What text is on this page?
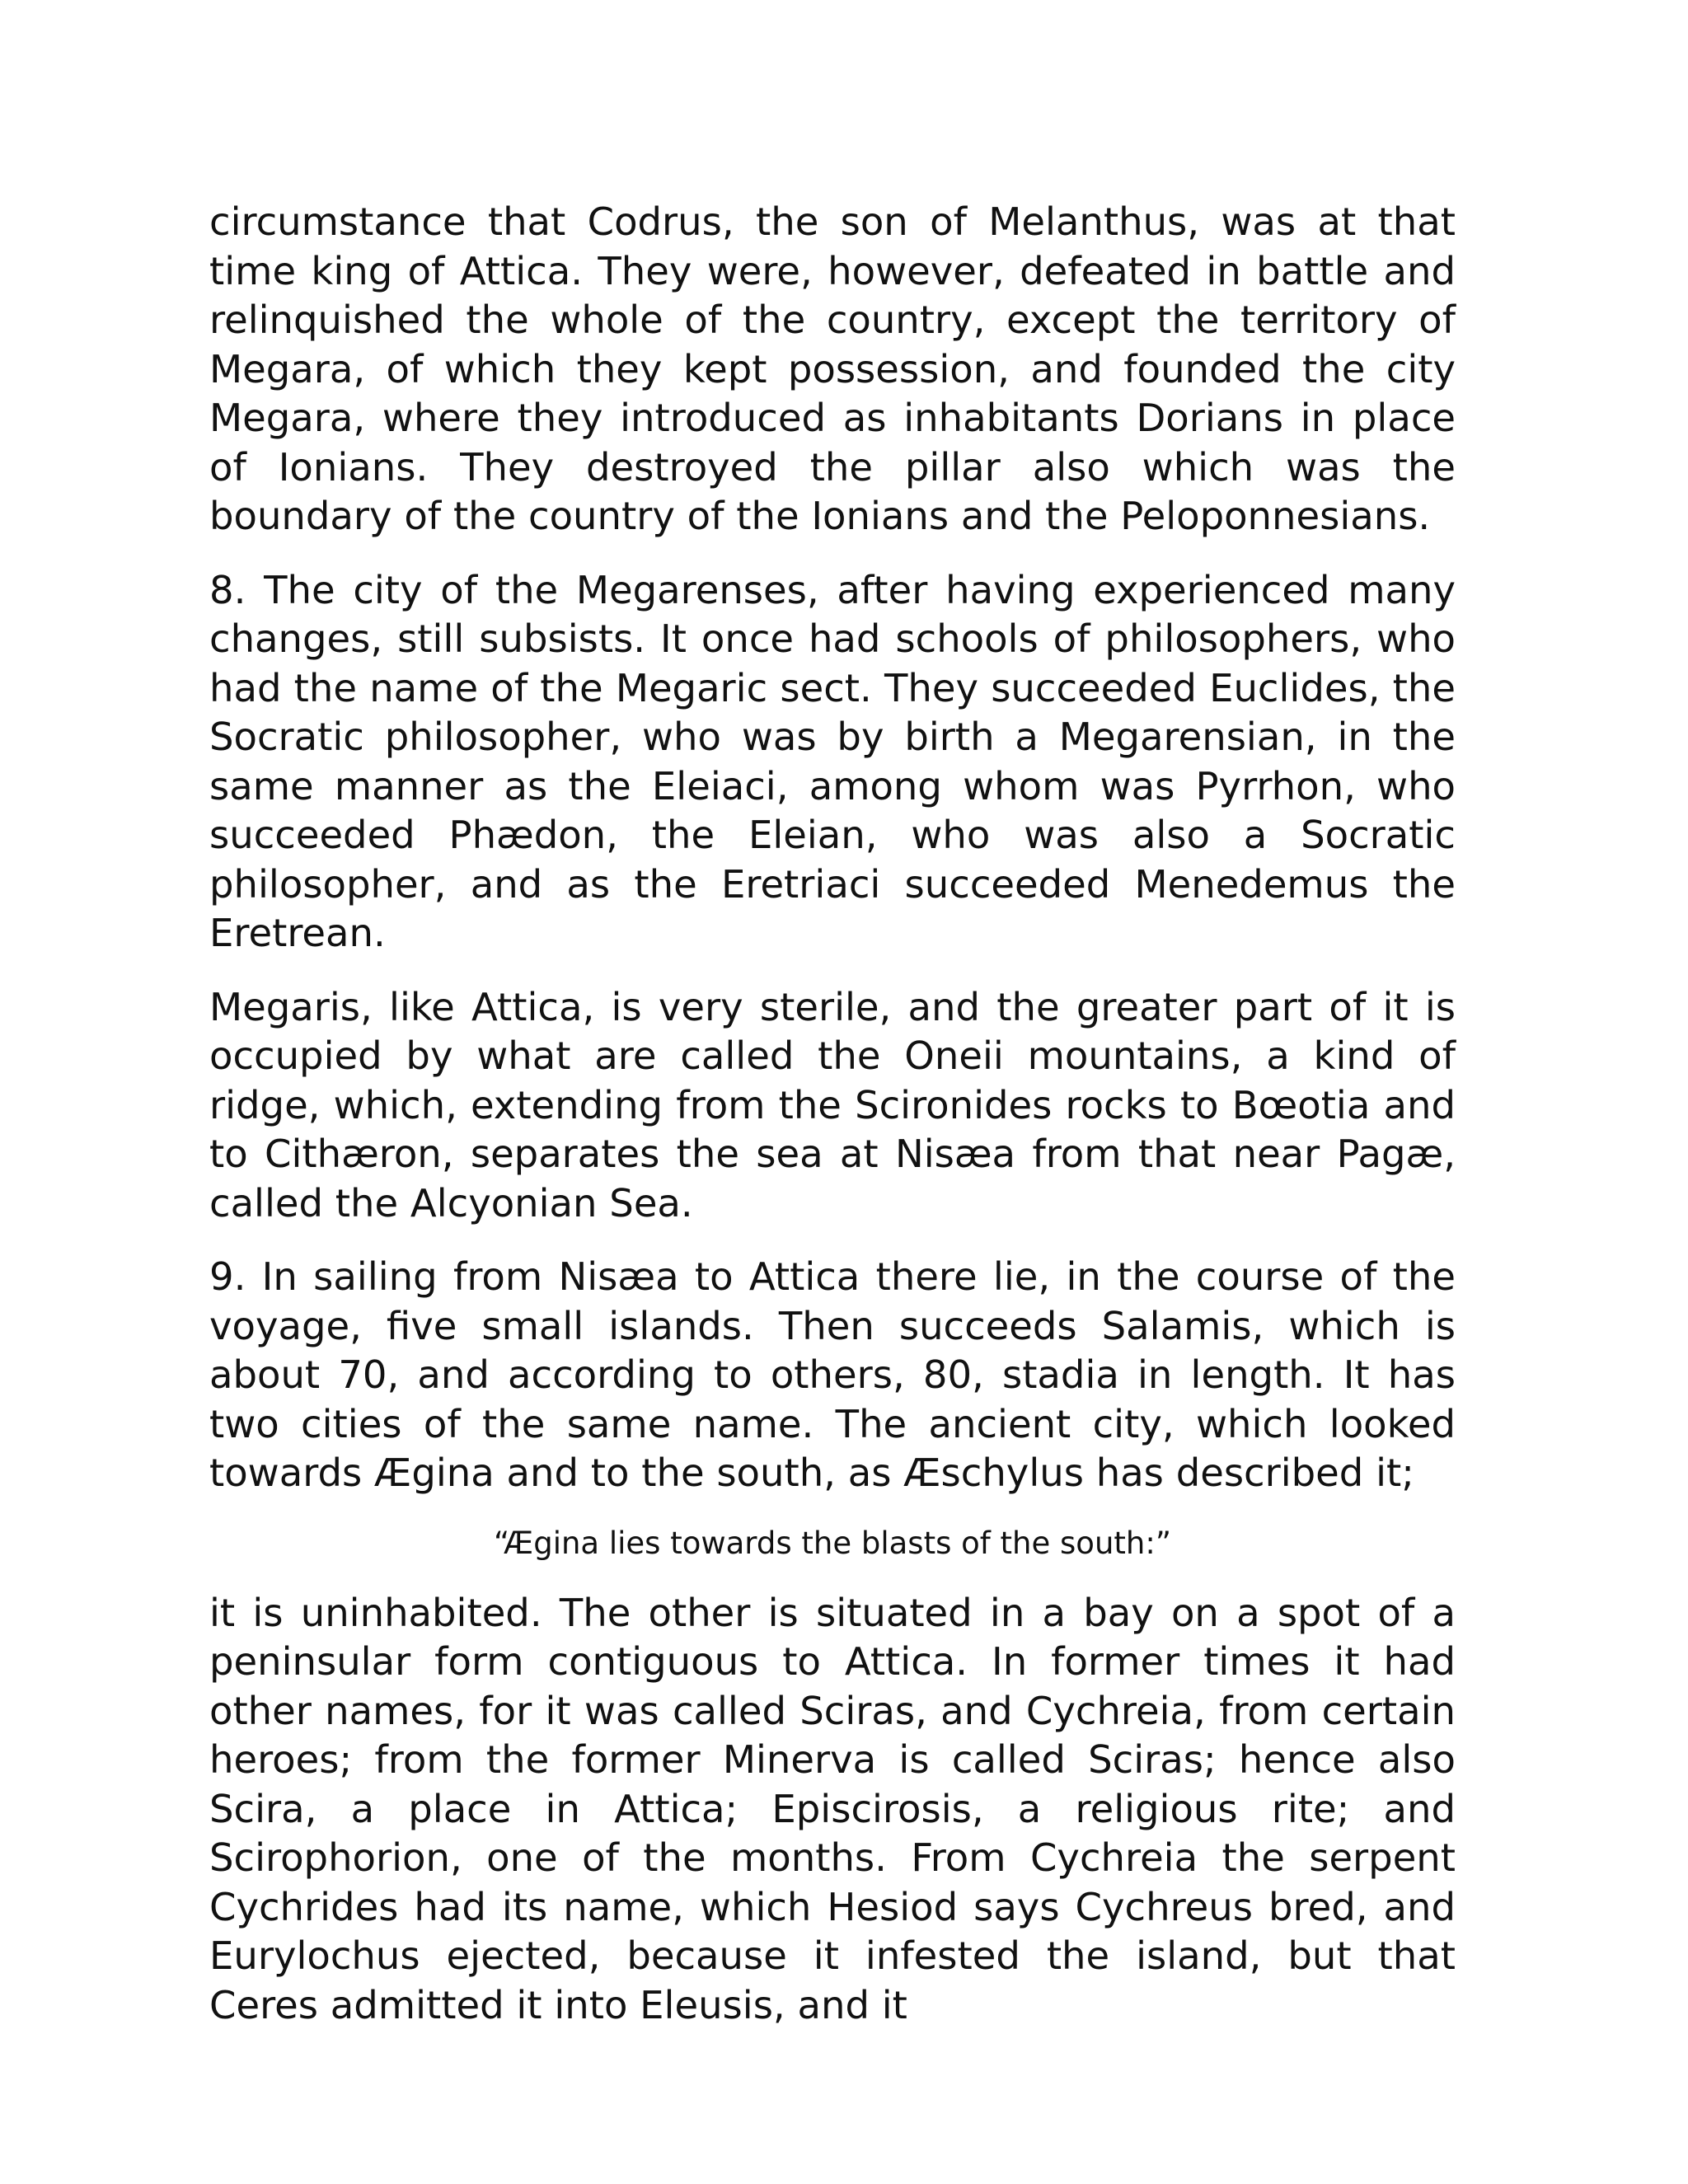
circumstance that Codrus, the son of Melanthus, was at that time king of Attica. They were, however, defeated in battle and relinquished the whole of the country, except the territory of Megara, of which they kept possession, and founded the city Megara, where they introduced as inhabitants Dorians in place of Ionians. They destroyed the pillar also which was the boundary of the country of the Ionians and the Peloponnesians.

8. The city of the Megarenses, after having experienced many changes, still subsists. It once had schools of philosophers, who had the name of the Megaric sect. They succeeded Euclides, the Socratic philosopher, who was by birth a Megarensian, in the same manner as the Eleiaci, among whom was Pyrrhon, who succeeded Phædon, the Eleian, who was also a Socratic philosopher, and as the Eretriaci succeeded Menedemus the Eretrean.

Megaris, like Attica, is very sterile, and the greater part of it is occupied by what are called the Oneii mountains, a kind of ridge, which, extending from the Scironides rocks to Bœotia and to Cithæron, separates the sea at Nisæa from that near Pagæ, called the Alcyonian Sea.

9. In sailing from Nisæa to Attica there lie, in the course of the voyage, five small islands. Then succeeds Salamis, which is about 70, and according to others, 80, stadia in length. It has two cities of the same name. The ancient city, which looked towards Ægina and to the south, as Æschylus has described it;

“Ægina lies towards the blasts of the south:”

it is uninhabited. The other is situated in a bay on a spot of a peninsular form contiguous to Attica. In former times it had other names, for it was called Sciras, and Cychreia, from certain heroes; from the former Minerva is called Sciras; hence also Scira, a place in Attica; Episcirosis, a religious rite; and Scirophorion, one of the months. From Cychreia the serpent Cychrides had its name, which Hesiod says Cychreus bred, and Eurylochus ejected, because it infested the island, but that Ceres admitted it into Eleusis, and it
